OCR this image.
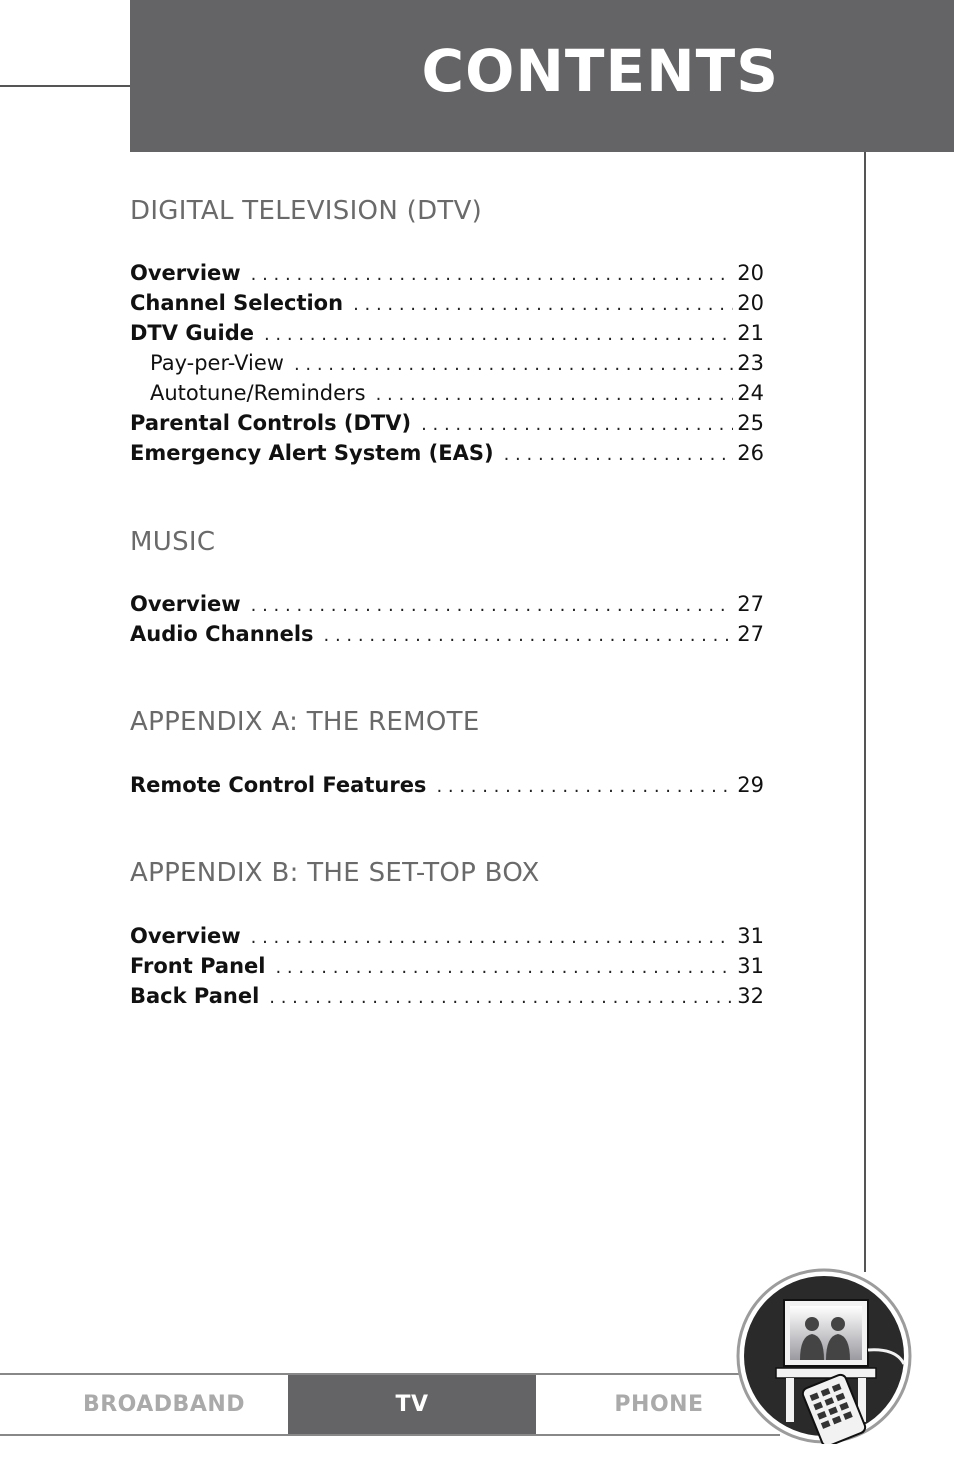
CONTENTS
DIGITAL TELEVISION (DTV)
Overview . . .	20
Channel Selection . . .	20
DTV Guide . . .	21
Pay-per-View . . .	23
Autotune/Reminders . . .	24
Parental Controls (DTV) . . .	25
Emergency Alert System (EAS) . . .	26
MUSIC
Overview . . .	27
Audio Channels . . .	27
APPENDIX A: THE REMOTE
Remote Control Features . . .	29
APPENDIX B: THE SET-TOP BOX
Overview . . .	31
Front Panel . . .	31
Back Panel . . .	32
BROADBAND	TV	PHONE
